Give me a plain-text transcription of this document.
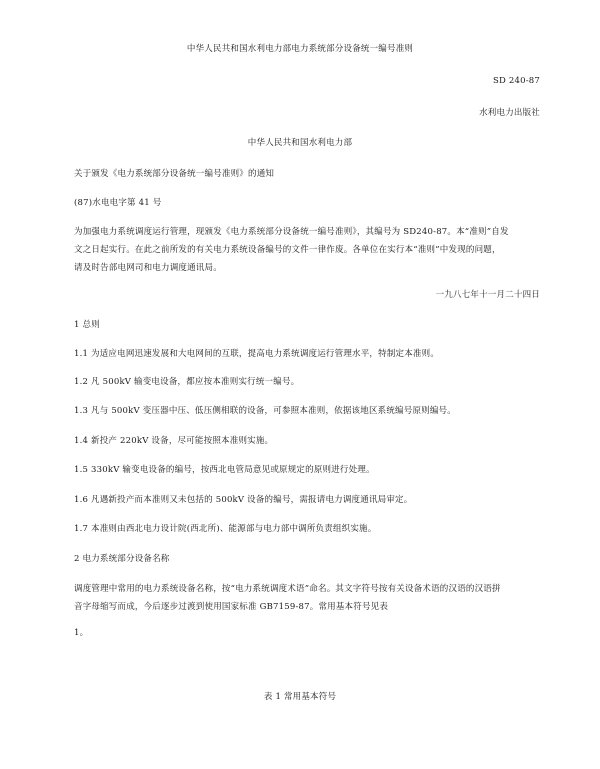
中华人民共和国水利电力部电力系统部分设备统一编号准则
SD 240-87
水利电力出版社
中华人民共和国水利电力部
关于颁发《电力系统部分设备统一编号准则》的通知
(87)水电电字第 41 号
为加强电力系统调度运行管理，现颁发《电力系统部分设备统一编号准则》，其编号为 SD240-87。本“准则”自发
文之日起实行。在此之前所发的有关电力系统设备编号的文件一律作废。各单位在实行本“准则”中发现的问题，
请及时告部电网司和电力调度通讯局。
一九八七年十一月二十四日
1 总则
1.1 为适应电网迅速发展和大电网间的互联，提高电力系统调度运行管理水平，特制定本准则。
1.2 凡 500kV 输变电设备，都应按本准则实行统一编号。
1.3 凡与 500kV 变压器中压、低压侧相联的设备，可参照本准则，依据该地区系统编号原则编号。
1.4 新投产 220kV 设备，尽可能按照本准则实施。
1.5 330kV 输变电设备的编号，按西北电管局意见或原规定的原则进行处理。
1.6 凡遇新投产而本准则又未包括的 500kV 设备的编号，需报请电力调度通讯局审定。
1.7 本准则由西北电力设计院(西北所)、能源部与电力部中调所负责组织实施。
2 电力系统部分设备名称
调度管理中常用的电力系统设备名称，按“电力系统调度术语”命名。其文字符号按有关设备术语的汉语的汉语拼
音字母缩写而成，今后逐步过渡到使用国家标准 GB7159-87。常用基本符号见表
1。
表 1 常用基本符号
